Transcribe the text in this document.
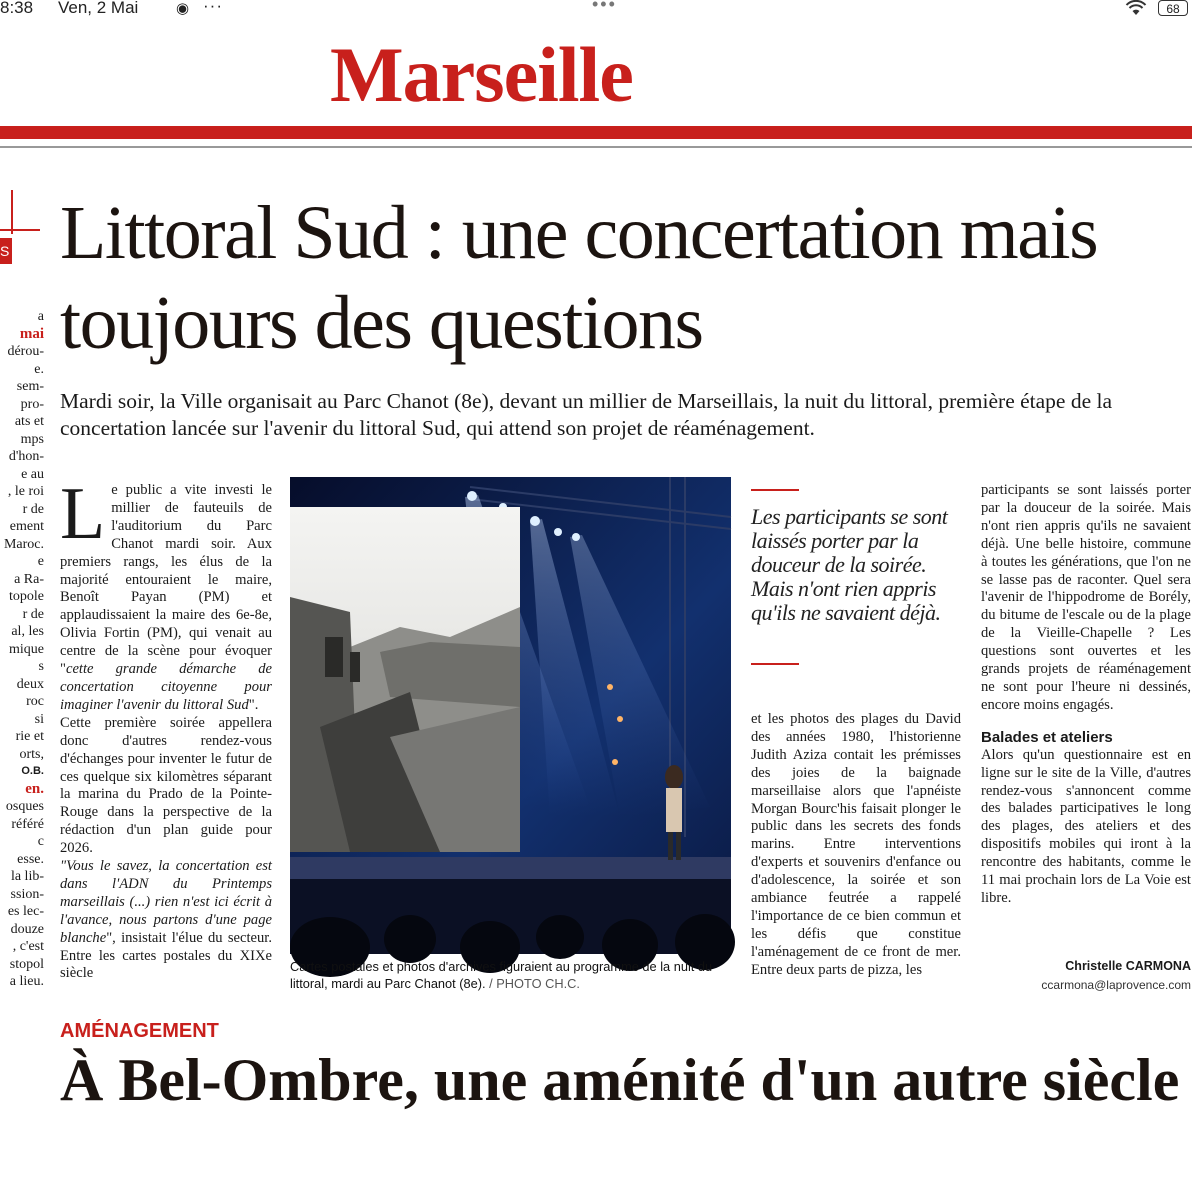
8:38 Ven, 2 Mai	◉ ···	•••	68
Marseille
S
a
mai
dérou-
e.
sem-
pro-
ats et
mps
d'hon-
e au
, le roi
r de
ement
Maroc.
e
a Ra-
topole
r de
al, les
mique
s
deux
roc
si
rie et
orts,
O.B.
en.
osques
référé
c
esse.
la lib-
ssion-
es lec-
douze
, c'est
stopol
a lieu.
Littoral Sud : une concertation mais toujours des questions
Mardi soir, la Ville organisait au Parc Chanot (8e), devant un millier de Marseillais, la nuit du littoral, première étape de la concertation lancée sur l'avenir du littoral Sud, qui attend son projet de réaménagement.
Le public a vite investi le millier de fauteuils de l'auditorium du Parc Chanot mardi soir. Aux premiers rangs, les élus de la majorité entouraient le maire, Benoît Payan (PM) et applaudissaient la maire des 6e-8e, Olivia Fortin (PM), qui venait au centre de la scène pour évoquer "cette grande démarche de concertation citoyenne pour imaginer l'avenir du littoral Sud".
Cette première soirée appellera donc d'autres rendez-vous d'échanges pour inventer le futur de ces quelque six kilomètres séparant la marina du Prado de la Pointe-Rouge dans la perspective de la rédaction d'un plan guide pour 2026.
"Vous le savez, la concertation est dans l'ADN du Printemps marseillais (...) rien n'est ici écrit à l'avance, nous partons d'une page blanche", insistait l'élue du secteur. Entre les cartes postales du XIXe siècle	Cartes postales et photos d'archives figuraient au programme de la nuit du littoral, mardi au Parc Chanot (8e). / PHOTO CH.C.
Les participants se sont laissés porter par la douceur de la soirée. Mais n'ont rien appris qu'ils ne savaient déjà.
et les photos des plages du David des années 1980, l'historienne Judith Aziza contait les prémisses des joies de la baignade marseillaise alors que l'apnéiste Morgan Bourc'his faisait plonger le public dans les secrets des fonds marins. Entre interventions d'experts et souvenirs d'enfance ou d'adolescence, la soirée et son ambiance feutrée a rappelé l'importance de ce bien commun et les défis que constitue l'aménagement de ce front de mer. Entre deux parts de pizza, les
participants se sont laissés porter par la douceur de la soirée. Mais n'ont rien appris qu'ils ne savaient déjà. Une belle histoire, commune à toutes les générations, que l'on ne se lasse pas de raconter. Quel sera l'avenir de l'hippodrome de Borély, du bitume de l'escale ou de la plage de la Vieille-Chapelle ? Les questions sont ouvertes et les grands projets de réaménagement ne sont pour l'heure ni dessinés, encore moins engagés.
Balades et ateliers
Alors qu'un questionnaire est en ligne sur le site de la Ville, d'autres rendez-vous s'annoncent comme des balades participatives le long des plages, des ateliers et des dispositifs mobiles qui iront à la rencontre des habitants, comme le 11 mai prochain lors de La Voie est libre.
Christelle CARMONA
ccarmona@laprovence.com
AMÉNAGEMENT
À Bel-Ombre, une aménité d'un autre siècle
